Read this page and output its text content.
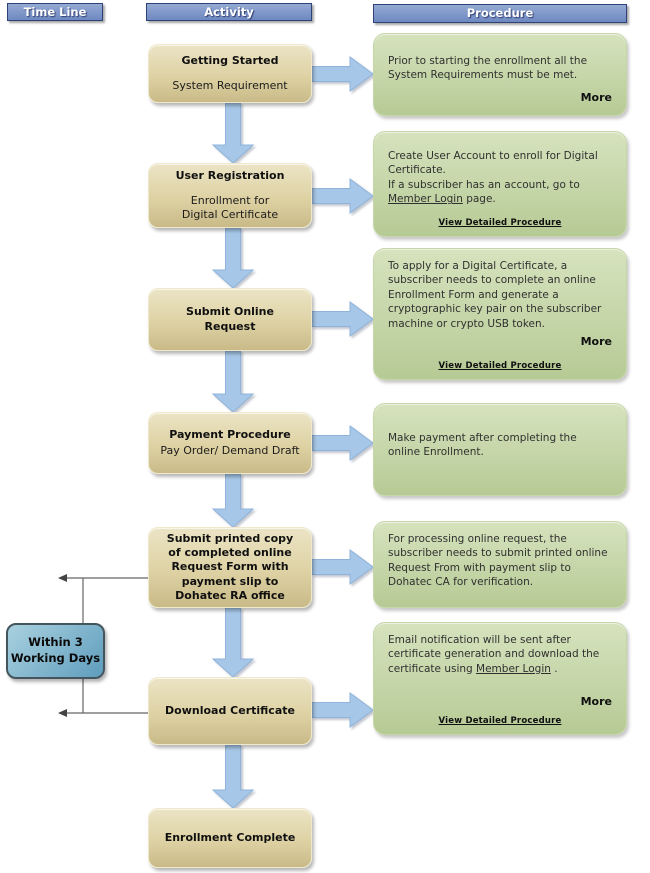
Time Line	Activity	Procedure
Within 3
Working Days
Getting Started
System Requirement
User Registration
Enrollment for
Digital Certificate
Submit Online Request
Payment Procedure
Pay Order/ Demand Draft
Submit printed copy of completed online Request Form with payment slip to Dohatec RA office
Download Certificate
Enrollment Complete

Prior to starting the enrollment all the System Requirements must be met.

More

Create User Account to enroll for Digital Certificate.

If a subscriber has an account, go to Member Login page.

View Detailed Procedure

To apply for a Digital Certificate, a subscriber needs to complete an online Enrollment Form and generate a cryptographic key pair on the subscriber machine or crypto USB token.

More
View Detailed Procedure

Make payment after completing the online Enrollment.

For processing online request, the subscriber needs to submit printed online Request From with payment slip to Dohatec CA for verification.

Email notification will be sent after certificate generation and download the certificate using Member Login .

More
View Detailed Procedure
